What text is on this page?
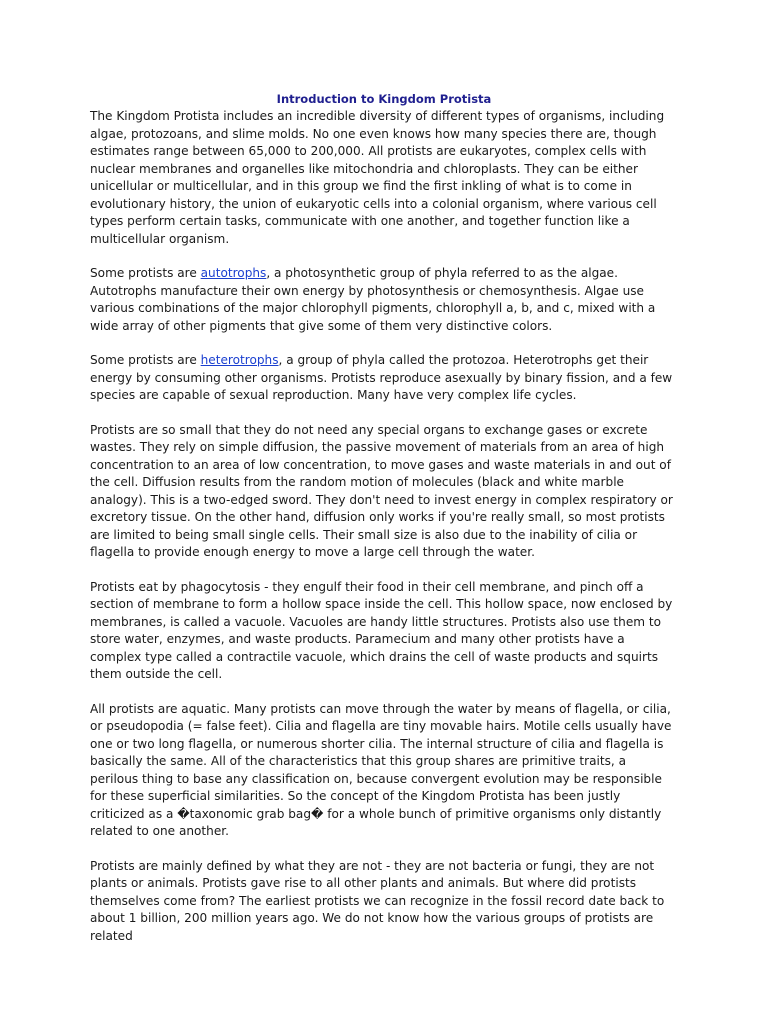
Introduction to Kingdom Protista

The Kingdom Protista includes an incredible diversity of different types of organisms, including algae, protozoans, and slime molds. No one even knows how many species there are, though estimates range between 65,000 to 200,000. All protists are eukaryotes, complex cells with nuclear membranes and organelles like mitochondria and chloroplasts. They can be either unicellular or multicellular, and in this group we find the first inkling of what is to come in evolutionary history, the union of eukaryotic cells into a colonial organism, where various cell types perform certain tasks, communicate with one another, and together function like a multicellular organism.

Some protists are autotrophs, a photosynthetic group of phyla referred to as the algae. Autotrophs manufacture their own energy by photosynthesis or chemosynthesis. Algae use various combinations of the major chlorophyll pigments, chlorophyll a, b, and c, mixed with a wide array of other pigments that give some of them very distinctive colors.

Some protists are heterotrophs, a group of phyla called the protozoa. Heterotrophs get their energy by consuming other organisms. Protists reproduce asexually by binary fission, and a few species are capable of sexual reproduction. Many have very complex life cycles.

Protists are so small that they do not need any special organs to exchange gases or excrete wastes. They rely on simple diffusion, the passive movement of materials from an area of high concentration to an area of low concentration, to move gases and waste materials in and out of the cell. Diffusion results from the random motion of molecules (black and white marble analogy). This is a two-edged sword. They don't need to invest energy in complex respiratory or excretory tissue. On the other hand, diffusion only works if you're really small, so most protists are limited to being small single cells. Their small size is also due to the inability of cilia or flagella to provide enough energy to move a large cell through the water.

Protists eat by phagocytosis - they engulf their food in their cell membrane, and pinch off a section of membrane to form a hollow space inside the cell. This hollow space, now enclosed by membranes, is called a vacuole. Vacuoles are handy little structures. Protists also use them to store water, enzymes, and waste products. Paramecium and many other protists have a complex type called a contractile vacuole, which drains the cell of waste products and squirts them outside the cell.

All protists are aquatic. Many protists can move through the water by means of flagella, or cilia, or pseudopodia (= false feet). Cilia and flagella are tiny movable hairs. Motile cells usually have one or two long flagella, or numerous shorter cilia. The internal structure of cilia and flagella is basically the same. All of the characteristics that this group shares are primitive traits, a perilous thing to base any classification on, because convergent evolution may be responsible for these superficial similarities. So the concept of the Kingdom Protista has been justly criticized as a �taxonomic grab bag� for a whole bunch of primitive organisms only distantly related to one another.

Protists are mainly defined by what they are not - they are not bacteria or fungi, they are not plants or animals. Protists gave rise to all other plants and animals. But where did protists themselves come from? The earliest protists we can recognize in the fossil record date back to about 1 billion, 200 million years ago. We do not know how the various groups of protists are related
